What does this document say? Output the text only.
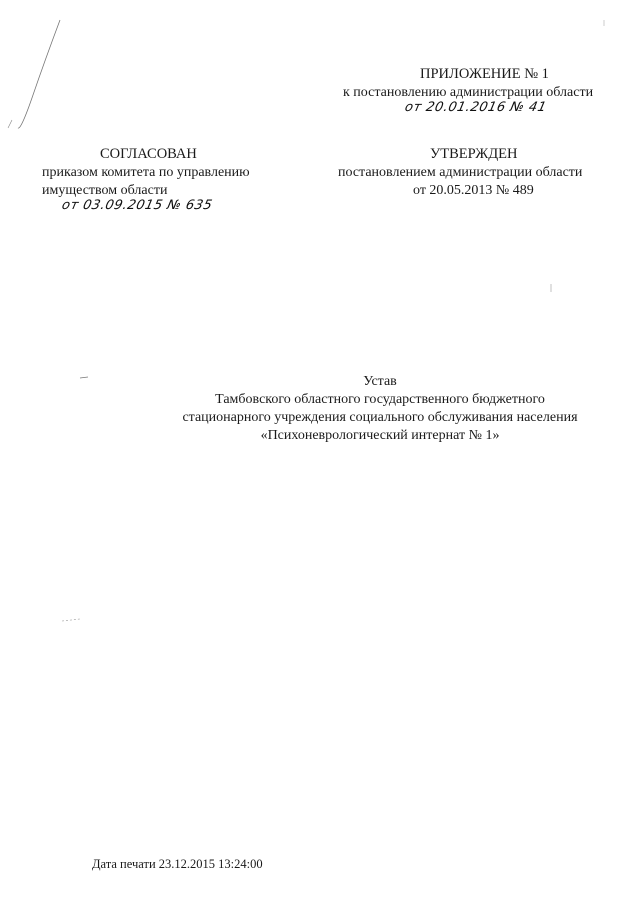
ПРИЛОЖЕНИЕ № 1
к постановлению администрации области
от 20.01.2016 № 41
СОГЛАСОВАН
приказом комитета по управлению
имуществом области
от 03.09.2015 № 635
УТВЕРЖДЕН
постановлением администрации области
от 20.05.2013 № 489
Устав
Тамбовского областного государственного бюджетного
стационарного учреждения социального обслуживания населения
«Психоневрологический интернат № 1»
Дата печати 23.12.2015 13:24:00
